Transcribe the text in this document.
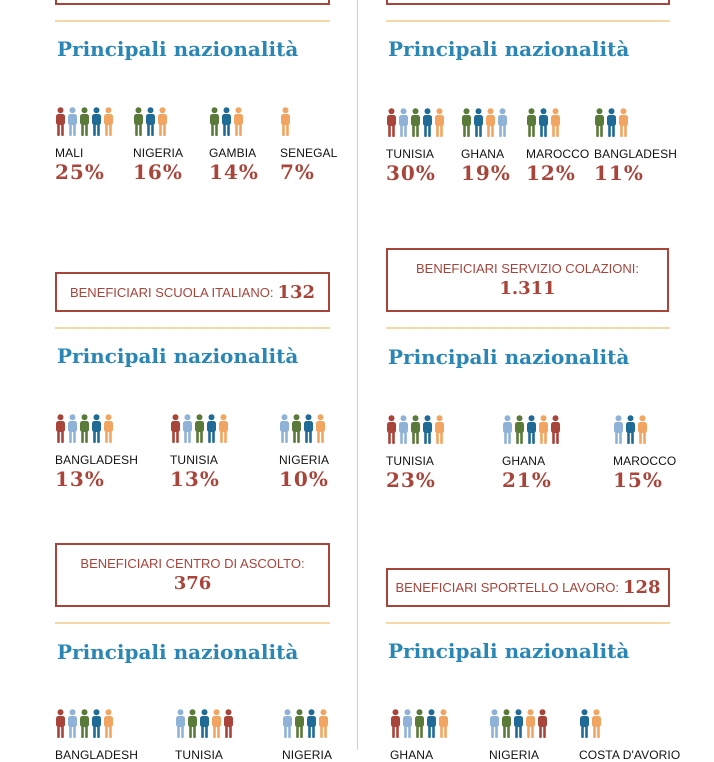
Principali nazionalità	Principali nazionalità
MALI
25%
NIGERIA
16%
GAMBIA
14%
SENEGAL
7%
TUNISIA
30%
GHANA
19%
MAROCCO
12%
BANGLADESH
11%
BENEFICIARI SCUOLA ITALIANO: 132
BENEFICIARI SERVIZIO COLAZIONI:
1.311
Principali nazionalità	Principali nazionalità
BANGLADESH
13%
TUNISIA
13%
NIGERIA
10%
TUNISIA
23%
GHANA
21%
MAROCCO
15%
BENEFICIARI CENTRO DI ASCOLTO:
376	BENEFICIARI SPORTELLO LAVORO: 128
Principali nazionalità	Principali nazionalità
BANGLADESH	TUNISIA	NIGERIA	GHANA	NIGERIA	COSTA D'AVORIO
